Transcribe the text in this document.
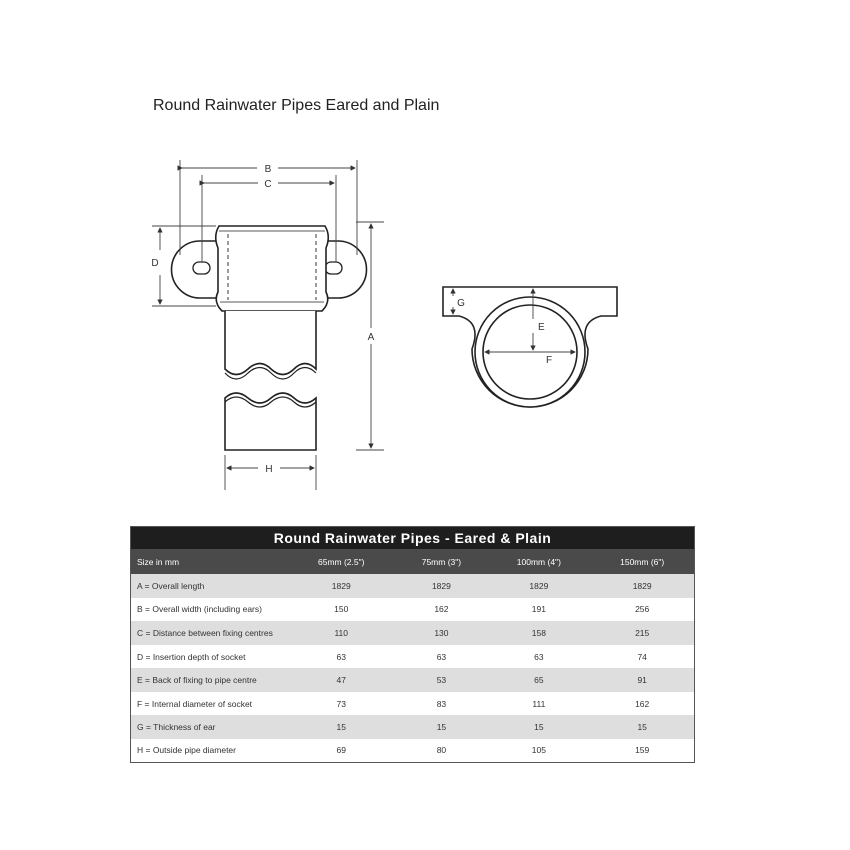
Round Rainwater Pipes Eared and Plain
B
C
D
A
H
G
E
F
Round Rainwater Pipes - Eared & Plain				
Size in mm	65mm (2.5")	75mm (3")	100mm (4")	150mm (6")
A = Overall length	1829	1829	1829	1829
B = Overall width (including ears)	150	162	191	256
C = Distance between fixing centres	110	130	158	215
D = Insertion depth of socket	63	63	63	74
E = Back of fixing to pipe centre	47	53	65	91
F = Internal diameter of socket	73	83	111	162
G = Thickness of ear	15	15	15	15
H = Outside pipe diameter	69	80	105	159
